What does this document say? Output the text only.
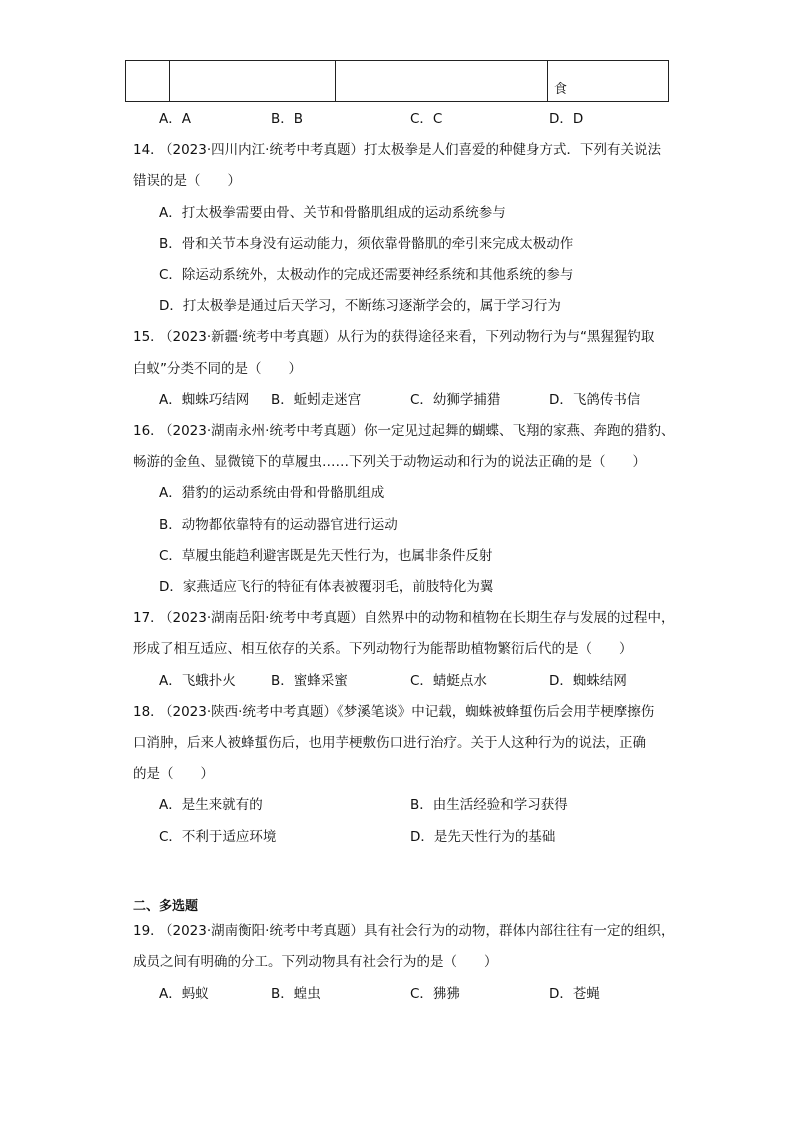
			食
A．A	B．B	C．C	D．D
14．
（2023·四川内江·统考中考真题）打太极拳是人们喜爱的种健身方式．下列有关说法
错误的是（　　）
A．打太极拳需要由骨、关节和骨骼肌组成的运动系统参与
B．骨和关节本身没有运动能力，须依靠骨骼肌的牵引来完成太极动作
C．除运动系统外，太极动作的完成还需要神经系统和其他系统的参与
D．打太极拳是通过后天学习，不断练习逐渐学会的，属于学习行为
15．
（2023·新疆·统考中考真题）从行为的获得途径来看，下列动物行为与“黑猩猩钓取
白蚁”分类不同的是（　　）
A．蜘蛛巧结网 B．蚯蚓走迷宫	C．幼狮学捕猎	D．飞鸽传书信
16．
（2023·湖南永州·统考中考真题）你一定见过起舞的蝴蝶、飞翔的家燕、奔跑的猎豹、
畅游的金鱼、显微镜下的草履虫……下列关于动物运动和行为的说法正确的是（　　）
A．猎豹的运动系统由骨和骨骼肌组成
B．动物都依靠特有的运动器官进行运动
C．草履虫能趋利避害既是先天性行为，也属非条件反射
D．家燕适应飞行的特征有体表被覆羽毛，前肢特化为翼
17．
（2023·湖南岳阳·统考中考真题）自然界中的动物和植物在长期生存与发展的过程中，
形成了相互适应、相互依存的关系。下列动物行为能帮助植物繁衍后代的是（　　）
A．飞蛾扑火	B．蜜蜂采蜜	C．蜻蜓点水	D．蜘蛛结网
18．
（2023·陕西·统考中考真题）《梦溪笔谈》中记载，蜘蛛被蜂蜇伤后会用芋梗摩擦伤
口消肿，后来人被蜂蜇伤后，也用芋梗敷伤口进行治疗。关于人这种行为的说法，正确
的是（　　）
A．是生来就有的	B．由生活经验和学习获得
C．不利于适应环境	D．是先天性行为的基础
二、多选题
19．
（2023·湖南衡阳·统考中考真题）具有社会行为的动物，群体内部往往有一定的组织，
成员之间有明确的分工。下列动物具有社会行为的是（　　）
A．蚂蚁	B．蝗虫	C．狒狒	D．苍蝇
